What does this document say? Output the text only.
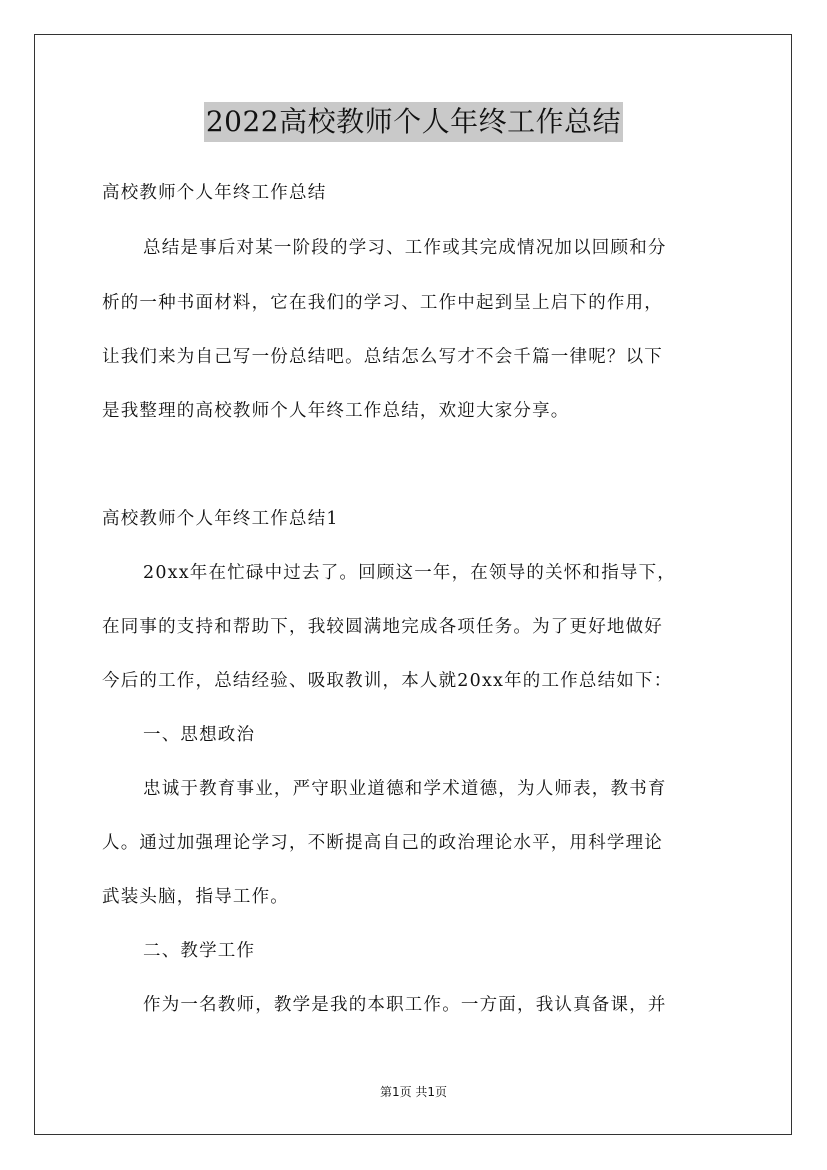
2022高校教师个人年终工作总结
高校教师个人年终工作总结
总结是事后对某一阶段的学习、工作或其完成情况加以回顾和分
析的一种书面材料，它在我们的学习、工作中起到呈上启下的作用，
让我们来为自己写一份总结吧。总结怎么写才不会千篇一律呢？以下
是我整理的高校教师个人年终工作总结，欢迎大家分享。
高校教师个人年终工作总结1
20xx年在忙碌中过去了。回顾这一年，在领导的关怀和指导下，
在同事的支持和帮助下，我较圆满地完成各项任务。为了更好地做好
今后的工作，总结经验、吸取教训，本人就20xx年的工作总结如下：
一、思想政治
忠诚于教育事业，严守职业道德和学术道德，为人师表，教书育
人。通过加强理论学习，不断提高自己的政治理论水平，用科学理论
武装头脑，指导工作。
二、教学工作
作为一名教师，教学是我的本职工作。一方面，我认真备课，并
第1页 共1页
